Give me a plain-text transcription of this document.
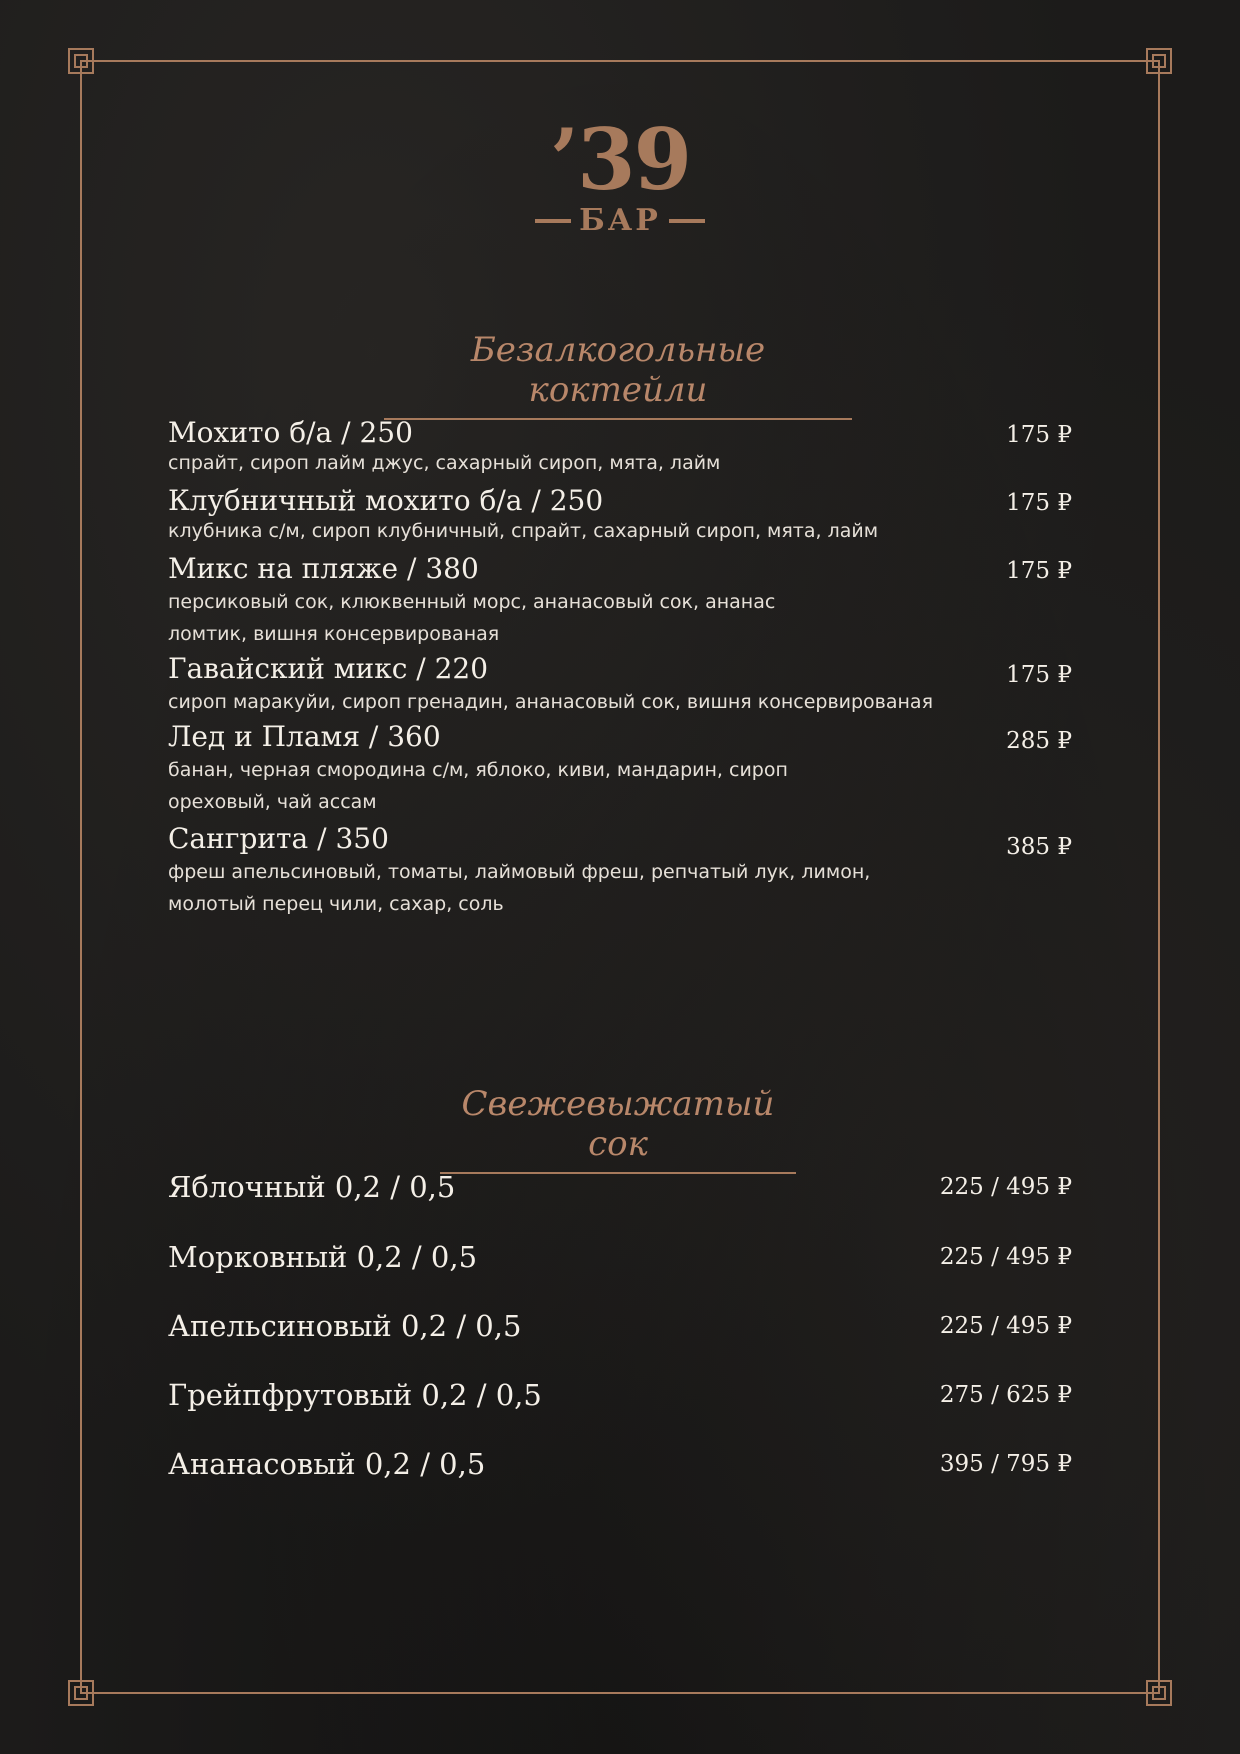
’39
БАР
Безалкогольные коктейли
Мохито б/а / 250
спрайт, сироп лайм джус, сахарный сироп, мята, лайм
175 ₽
Клубничный мохито б/а / 250
клубника с/м, сироп клубничный, спрайт, сахарный сироп, мята, лайм
175 ₽
Микс на пляже / 380
персиковый сок, клюквенный морс, ананасовый сок, ананас ломтик, вишня консервированая
175 ₽
Гавайский микс / 220
сироп маракуйи, сироп гренадин, ананасовый сок, вишня консервированая
175 ₽
Лед и Пламя / 360
банан, черная смородина с/м, яблоко, киви, мандарин, сироп ореховый, чай ассам
285 ₽
Сангрита / 350
фреш апельсиновый, томаты, лаймовый фреш, репчатый лук, лимон, молотый перец чили, сахар, соль
385 ₽
Свежевыжатый сок
Яблочный 0,2 / 0,5	225 / 495 ₽
Морковный 0,2 / 0,5	225 / 495 ₽
Апельсиновый 0,2 / 0,5	225 / 495 ₽
Грейпфрутовый 0,2 / 0,5	275 / 625 ₽
Ананасовый 0,2 / 0,5	395 / 795 ₽
